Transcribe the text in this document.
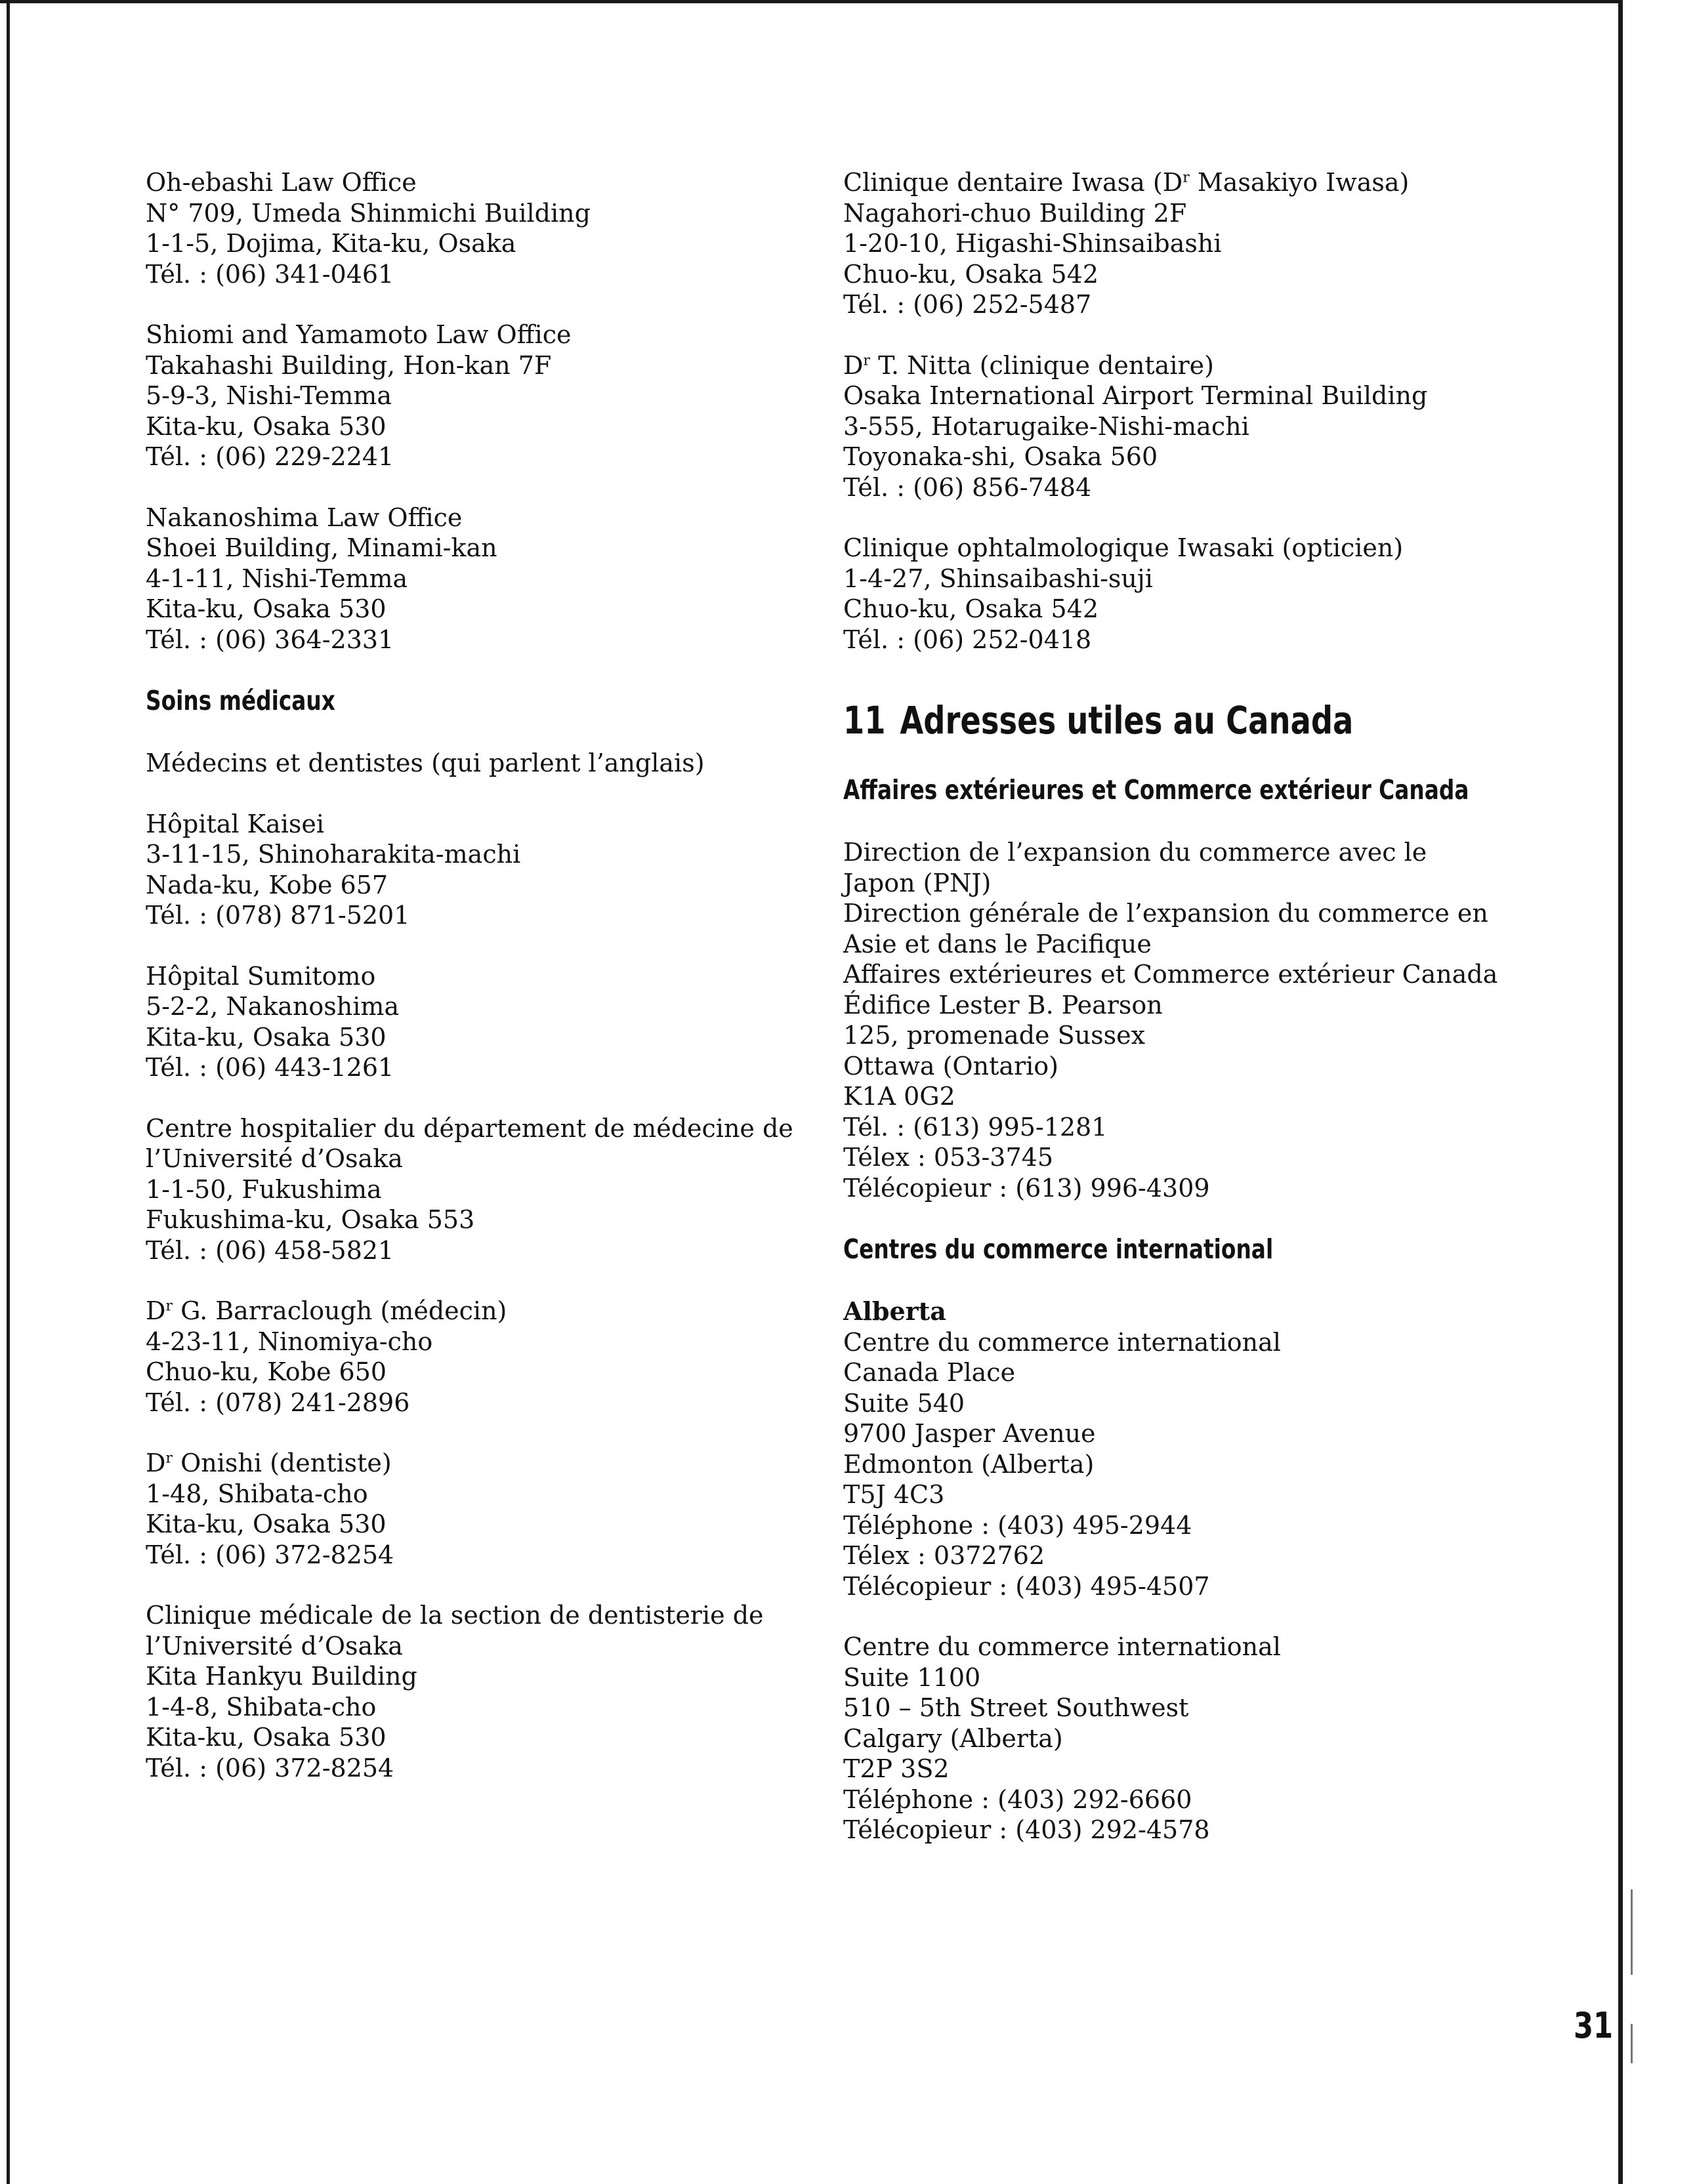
Oh-ebashi Law Office
N° 709, Umeda Shinmichi Building
1-1-5, Dojima, Kita-ku, Osaka
Tél. : (06) 341-0461
Shiomi and Yamamoto Law Office
Takahashi Building, Hon-kan 7F
5-9-3, Nishi-Temma
Kita-ku, Osaka 530
Tél. : (06) 229-2241
Nakanoshima Law Office
Shoei Building, Minami-kan
4-1-11, Nishi-Temma
Kita-ku, Osaka 530
Tél. : (06) 364-2331
Soins médicaux
Médecins et dentistes (qui parlent l’anglais)
Hôpital Kaisei
3-11-15, Shinoharakita-machi
Nada-ku, Kobe 657
Tél. : (078) 871-5201
Hôpital Sumitomo
5-2-2, Nakanoshima
Kita-ku, Osaka 530
Tél. : (06) 443-1261
Centre hospitalier du département de médecine de
l’Université d’Osaka
1-1-50, Fukushima
Fukushima-ku, Osaka 553
Tél. : (06) 458-5821
$D^r$ G. Barraclough (médecin)
4-23-11, Ninomiya-cho
Chuo-ku, Kobe 650
Tél. : (078) 241-2896
$D^r$ Onishi (dentiste)
1-48, Shibata-cho
Kita-ku, Osaka 530
Tél. : (06) 372-8254
Clinique médicale de la section de dentisterie de
l’Université d’Osaka
Kita Hankyu Building
1-4-8, Shibata-cho
Kita-ku, Osaka 530
Tél. : (06) 372-8254
Clinique dentaire Iwasa ($D^r$ Masakiyo Iwasa)
Nagahori-chuo Building 2F
1-20-10, Higashi-Shinsaibashi
Chuo-ku, Osaka 542
Tél. : (06) 252-5487
$D^r$ T. Nitta (clinique dentaire)
Osaka International Airport Terminal Building
3-555, Hotarugaike-Nishi-machi
Toyonaka-shi, Osaka 560
Tél. : (06) 856-7484
Clinique ophtalmologique Iwasaki (opticien)
1-4-27, Shinsaibashi-suji
Chuo-ku, Osaka 542
Tél. : (06) 252-0418
11 Adresses utiles au Canada
Affaires extérieures et Commerce extérieur Canada
Direction de l’expansion du commerce avec le
Japon (PNJ)
Direction générale de l’expansion du commerce en
Asie et dans le Pacifique
Affaires extérieures et Commerce extérieur Canada
Édifice Lester B. Pearson
125, promenade Sussex
Ottawa (Ontario)
K1A 0G2
Tél. : (613) 995-1281
Télex : 053-3745
Télécopieur : (613) 996-4309
Centres du commerce international
Alberta
Centre du commerce international
Canada Place
Suite 540
9700 Jasper Avenue
Edmonton (Alberta)
T5J 4C3
Téléphone : (403) 495-2944
Télex : 0372762
Télécopieur : (403) 495-4507
Centre du commerce international
Suite 1100
510 – 5th Street Southwest
Calgary (Alberta)
T2P 3S2
Téléphone : (403) 292-6660
Télécopieur : (403) 292-4578
31
